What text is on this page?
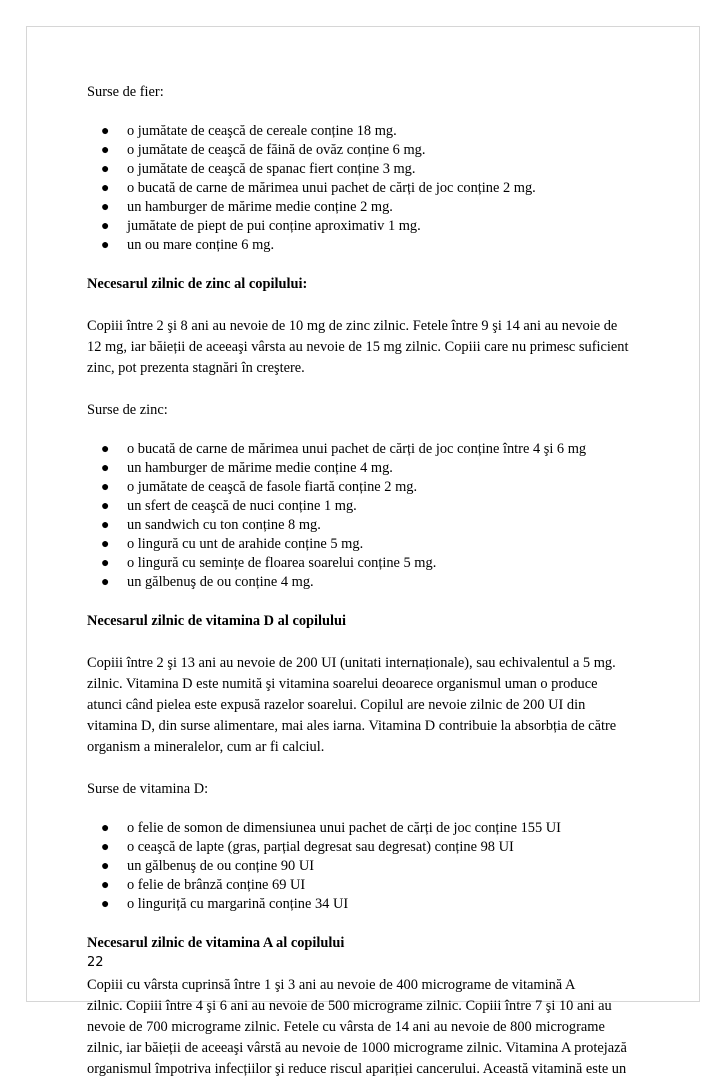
Surse de fier:

● o jumătate de ceaşcă de cereale conține 18 mg.
● o jumătate de ceaşcă de făină de ovăz conține 6 mg.
● o jumătate de ceaşcă de spanac fiert conține 3 mg.
● o bucată de carne de mărimea unui pachet de cărți de joc conține 2 mg.
● un hamburger de mărime medie conține 2 mg.
● jumătate de piept de pui conține aproximativ 1 mg.
● un ou mare conține 6 mg.

Necesarul zilnic de zinc al copilului:

Copiii între 2 şi 8 ani au nevoie de 10 mg de zinc zilnic. Fetele între 9 şi 14 ani au nevoie de
12 mg, iar băieții de aceeaşi vârsta au nevoie de 15 mg zilnic. Copiii care nu primesc suficient
zinc, pot prezenta stagnări în creştere.

Surse de zinc:

● o bucată de carne de mărimea unui pachet de cărți de joc conține între 4 şi 6 mg
● un hamburger de mărime medie conține 4 mg.
● o jumătate de ceaşcă de fasole fiartă conține 2 mg.
● un sfert de ceaşcă de nuci conține 1 mg.
● un sandwich cu ton conține 8 mg.
● o lingură cu unt de arahide conține 5 mg.
● o lingură cu semințe de floarea soarelui conține 5 mg.
● un gălbenuş de ou conține 4 mg.

Necesarul zilnic de vitamina D al copilului

Copiii între 2 şi 13 ani au nevoie de 200 UI (unitati internaționale), sau echivalentul a 5 mg.
zilnic. Vitamina D este numită şi vitamina soarelui deoarece organismul uman o produce
atunci când pielea este expusă razelor soarelui. Copilul are nevoie zilnic de 200 UI din
vitamina D, din surse alimentare, mai ales iarna. Vitamina D contribuie la absorbția de către
organism a mineralelor, cum ar fi calciul.

Surse de vitamina D:

● o felie de somon de dimensiunea unui pachet de cărți de joc conține 155 UI
● o ceaşcă de lapte (gras, parțial degresat sau degresat) conține 98 UI
● un gălbenuş de ou conține 90 UI
● o felie de brânză conține 69 UI
● o linguriță cu margarină conține 34 UI

Necesarul zilnic de vitamina A al copilului

Copiii cu vârsta cuprinsă între 1 şi 3 ani au nevoie de 400 micrograme de vitamină A
zilnic. Copiii între 4 şi 6 ani au nevoie de 500 micrograme zilnic. Copiii între 7 şi 10 ani au
nevoie de 700 micrograme zilnic. Fetele cu vârsta de 14 ani au nevoie de 800 micrograme
zilnic, iar băieții de aceeaşi vârstă au nevoie de 1000 micrograme zilnic. Vitamina A protejază
organismul împotriva infecțiilor şi reduce riscul apariției cancerului. Această vitamină este un

22
